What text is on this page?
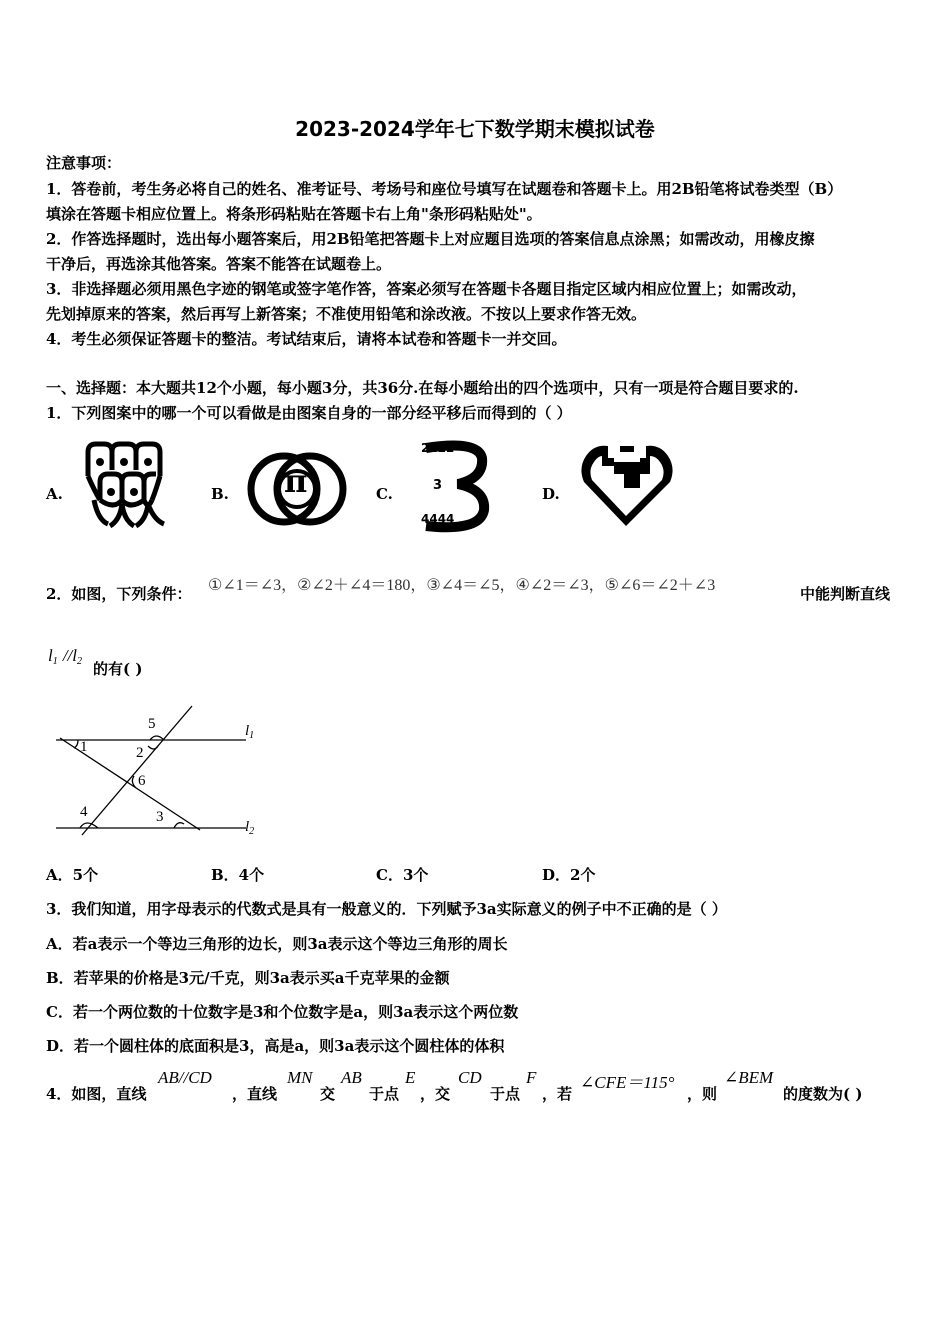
2023-2024学年七下数学期末模拟试卷
注意事项：
1．答卷前，考生务必将自己的姓名、准考证号、考场号和座位号填写在试题卷和答题卡上。用2B铅笔将试卷类型（B）
填涂在答题卡相应位置上。将条形码粘贴在答题卡右上角"条形码粘贴处"。
2．作答选择题时，选出每小题答案后，用2B铅笔把答题卡上对应题目选项的答案信息点涂黑；如需改动，用橡皮擦
干净后，再选涂其他答案。答案不能答在试题卷上。
3．非选择题必须用黑色字迹的钢笔或签字笔作答，答案必须写在答题卡各题目指定区域内相应位置上；如需改动，
先划掉原来的答案，然后再写上新答案；不准使用铅笔和涂改液。不按以上要求作答无效。
4．考生必须保证答题卡的整洁。考试结束后，请将本试卷和答题卡一并交回。
一、选择题：本大题共12个小题，每小题3分，共36分.在每小题给出的四个选项中，只有一项是符合题目要求的.
1．下列图案中的哪一个可以看做是由图案自身的一部分经平移后而得到的（ ）
A.	B. π	C.
2222
3
4444
D.
2．如图，下列条件： ①∠1＝∠3，②∠2＋∠4＝180，③∠4＝∠5，④∠2＝∠3，⑤∠6＝∠2＋∠3	中能判断直线
$l_1$ $//l_2$ 的有( )
1	2
3
4
5
6
$l_1$
$l_2$
A．5个	B．4个	C．3个	D．2个
3．我们知道，用字母表示的代数式是具有一般意义的．下列赋予3a实际意义的例子中不正确的是（ ）
A．若a表示一个等边三角形的边长，则3a表示这个等边三角形的周长
B．若苹果的价格是3元/千克，则3a表示买a千克苹果的金额
C．若一个两位数的十位数字是3和个位数字是a，则3a表示这个两位数
D．若一个圆柱体的底面积是3，高是a，则3a表示这个圆柱体的体积
4．如图，直线
AB//CD
，直线
MN
交
AB
于点
E
，交
CD
于点
F
，若
∠CFE＝115°
，则
∠BEM
的度数为( )
